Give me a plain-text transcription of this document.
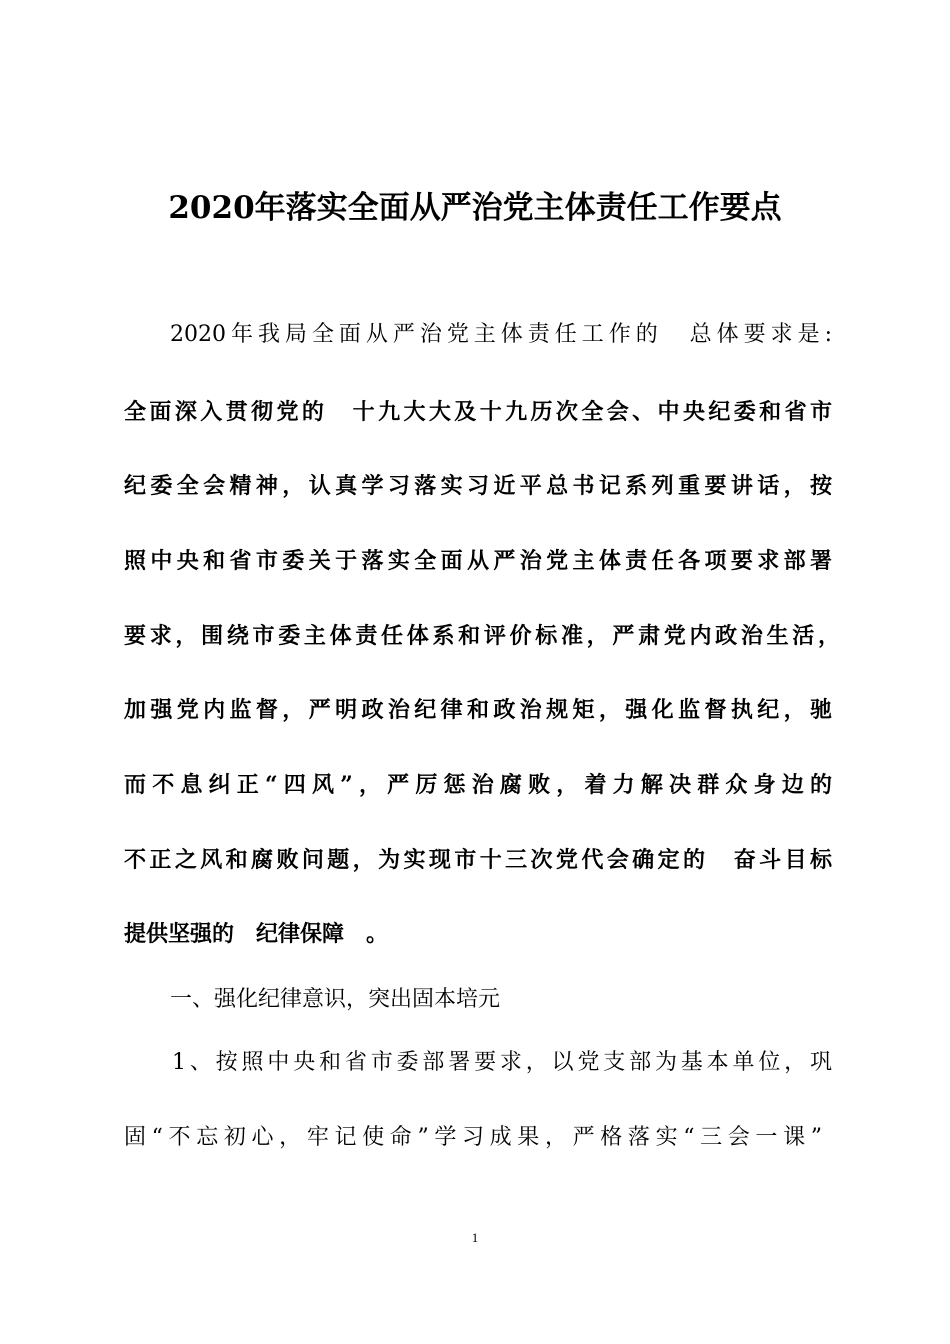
2020年落实全面从严治党主体责任工作要点
2020年我局全面从严治党主体责任工作的　总体要求是:
全面深入贯彻党的　十九大大及十九历次全会、中央纪委和省市
纪委全会精神，认真学习落实习近平总书记系列重要讲话，按
照中央和省市委关于落实全面从严治党主体责任各项要求部署
要求，围绕市委主体责任体系和评价标准，严肃党内政治生活，
加强党内监督，严明政治纪律和政治规矩，强化监督执纪，驰
而不息纠正“四风”，严厉惩治腐败，着力解决群众身边的
不正之风和腐败问题，为实现市十三次党代会确定的　奋斗目标
提供坚强的　纪律保障　。
一、强化纪律意识，突出固本培元
1、按照中央和省市委部署要求，以党支部为基本单位，巩
固“不忘初心，牢记使命”学习成果，严格落实“三会一课”
1
